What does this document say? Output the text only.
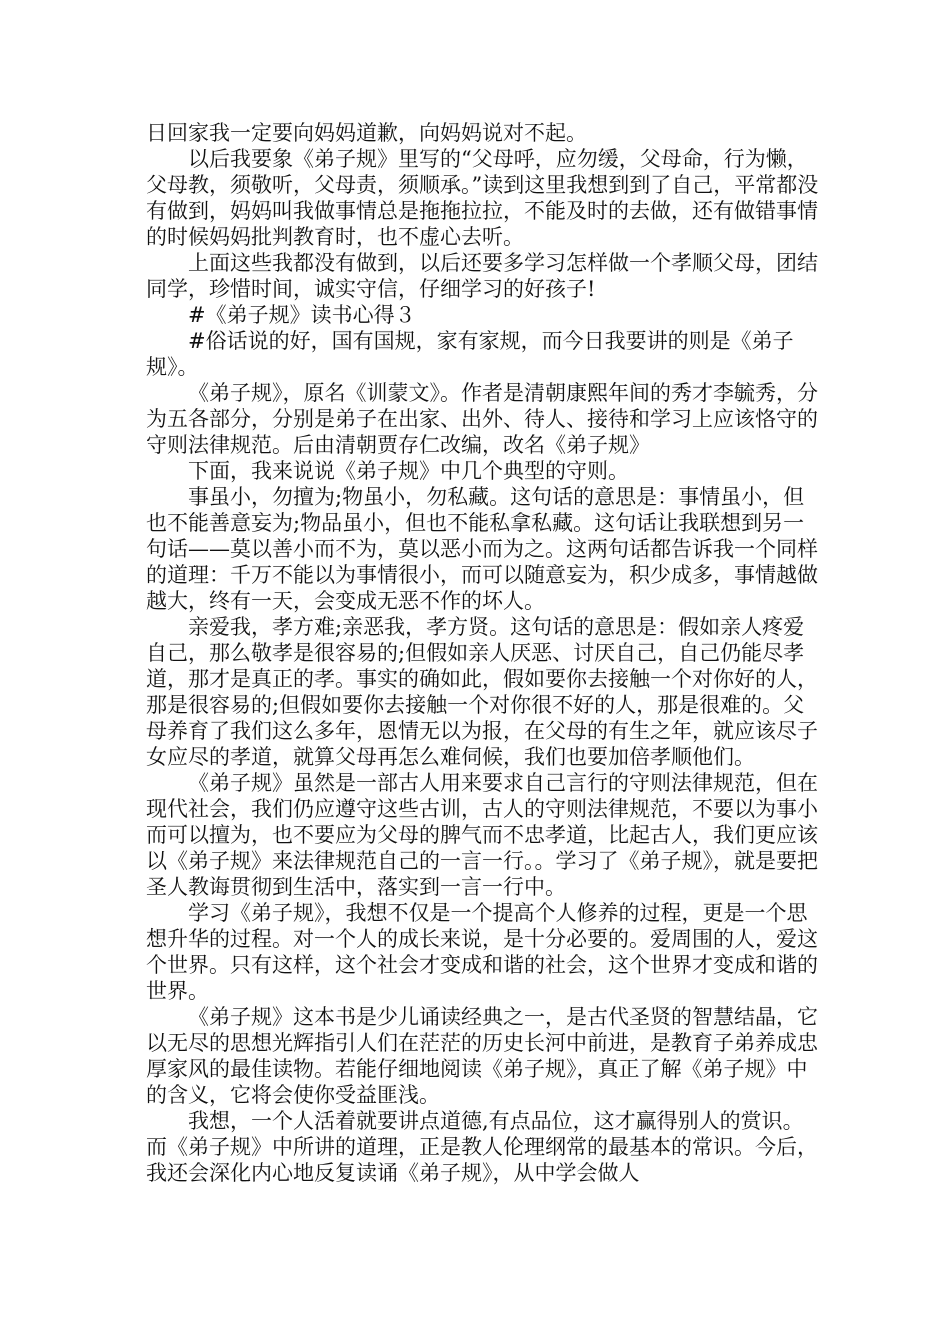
日回家我一定要向妈妈道歉，向妈妈说对不起。

以后我要象《弟子规》里写的“父母呼，应勿缓，父母命，行为懒，父母教，须敬听，父母责，须顺承。”读到这里我想到到了自己，平常都没有做到，妈妈叫我做事情总是拖拖拉拉，不能及时的去做，还有做错事情的时候妈妈批判教育时，也不虚心去听。

上面这些我都没有做到，以后还要多学习怎样做一个孝顺父母，团结同学，珍惜时间，诚实守信，仔细学习的好孩子!

#《弟子规》读书心得３

#俗话说的好，国有国规，家有家规，而今日我要讲的则是《弟子规》。

《弟子规》，原名《训蒙文》。作者是清朝康熙年间的秀才李毓秀，分为五各部分，分别是弟子在出家、出外、待人、接待和学习上应该恪守的守则法律规范。后由清朝贾存仁改编，改名《弟子规》

下面，我来说说《弟子规》中几个典型的守则。

事虽小，勿擅为;物虽小，勿私藏。这句话的意思是：事情虽小，但也不能善意妄为;物品虽小，但也不能私拿私藏。这句话让我联想到另一句话——莫以善小而不为，莫以恶小而为之。这两句话都告诉我一个同样的道理：千万不能以为事情很小，而可以随意妄为，积少成多，事情越做越大，终有一天，会变成无恶不作的坏人。

亲爱我，孝方难;亲恶我，孝方贤。这句话的意思是：假如亲人疼爱自己，那么敬孝是很容易的;但假如亲人厌恶、讨厌自己，自己仍能尽孝道，那才是真正的孝。事实的确如此，假如要你去接触一个对你好的人，那是很容易的;但假如要你去接触一个对你很不好的人，那是很难的。父母养育了我们这么多年，恩情无以为报，在父母的有生之年，就应该尽子女应尽的孝道，就算父母再怎么难伺候，我们也要加倍孝顺他们。

《弟子规》虽然是一部古人用来要求自己言行的守则法律规范，但在现代社会，我们仍应遵守这些古训，古人的守则法律规范，不要以为事小而可以擅为，也不要应为父母的脾气而不忠孝道，比起古人，我们更应该以《弟子规》来法律规范自己的一言一行。。学习了《弟子规》，就是要把圣人教诲贯彻到生活中，落实到一言一行中。

学习《弟子规》，我想不仅是一个提高个人修养的过程，更是一个思想升华的过程。对一个人的成长来说，是十分必要的。爱周围的人，爱这个世界。只有这样，这个社会才变成和谐的社会，这个世界才变成和谐的世界。

《弟子规》这本书是少儿诵读经典之一，是古代圣贤的智慧结晶，它以无尽的思想光辉指引人们在茫茫的历史长河中前进，是教育子弟养成忠厚家风的最佳读物。若能仔细地阅读《弟子规》，真正了解《弟子规》中的含义，它将会使你受益匪浅。

我想，一个人活着就要讲点道德,有点品位，这才赢得别人的赏识。而《弟子规》中所讲的道理，正是教人伦理纲常的最基本的常识。今后，我还会深化内心地反复读诵《弟子规》，从中学会做人
